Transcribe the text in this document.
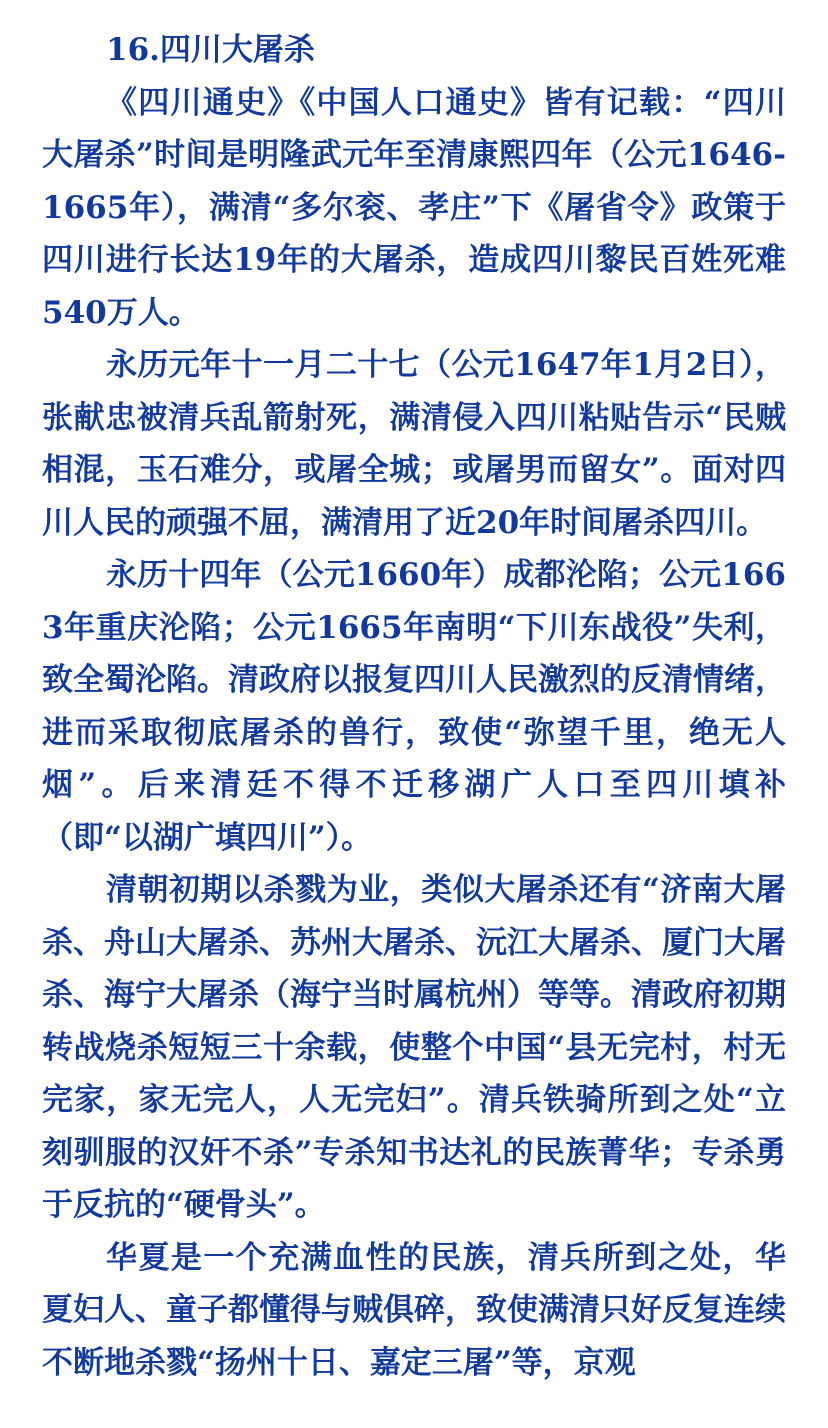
16.四川大屠杀

《四川通史》《中国人口通史》皆有记载：“四川大屠杀”时间是明隆武元年至清康熙四年（公元1646-1665年），满清“多尔衮、孝庄”下《屠省令》政策于四川进行长达19年的大屠杀，造成四川黎民百姓死难540万人。

永历元年十一月二十七（公元1647年1月2日），张献忠被清兵乱箭射死，满清侵入四川粘贴告示“民贼相混，玉石难分，或屠全城；或屠男而留女”。面对四川人民的顽强不屈，满清用了近20年时间屠杀四川。

永历十四年（公元1660年）成都沦陷；公元1663年重庆沦陷；公元1665年南明“下川东战役”失利，致全蜀沦陷。清政府以报复四川人民激烈的反清情绪，进而采取彻底屠杀的兽行，致使“弥望千里，绝无人烟”。后来清廷不得不迁移湖广人口至四川填补（即“以湖广填四川”）。

清朝初期以杀戮为业，类似大屠杀还有“济南大屠杀、舟山大屠杀、苏州大屠杀、沅江大屠杀、厦门大屠杀、海宁大屠杀（海宁当时属杭州）等等。清政府初期转战烧杀短短三十余载，使整个中国“县无完村，村无完家，家无完人，人无完妇”。清兵铁骑所到之处“立刻驯服的汉奸不杀”专杀知书达礼的民族菁华；专杀勇于反抗的“硬骨头”。

华夏是一个充满血性的民族，清兵所到之处，华夏妇人、童子都懂得与贼俱碎，致使满清只好反复连续不断地杀戮“扬州十日、嘉定三屠”等，京观
